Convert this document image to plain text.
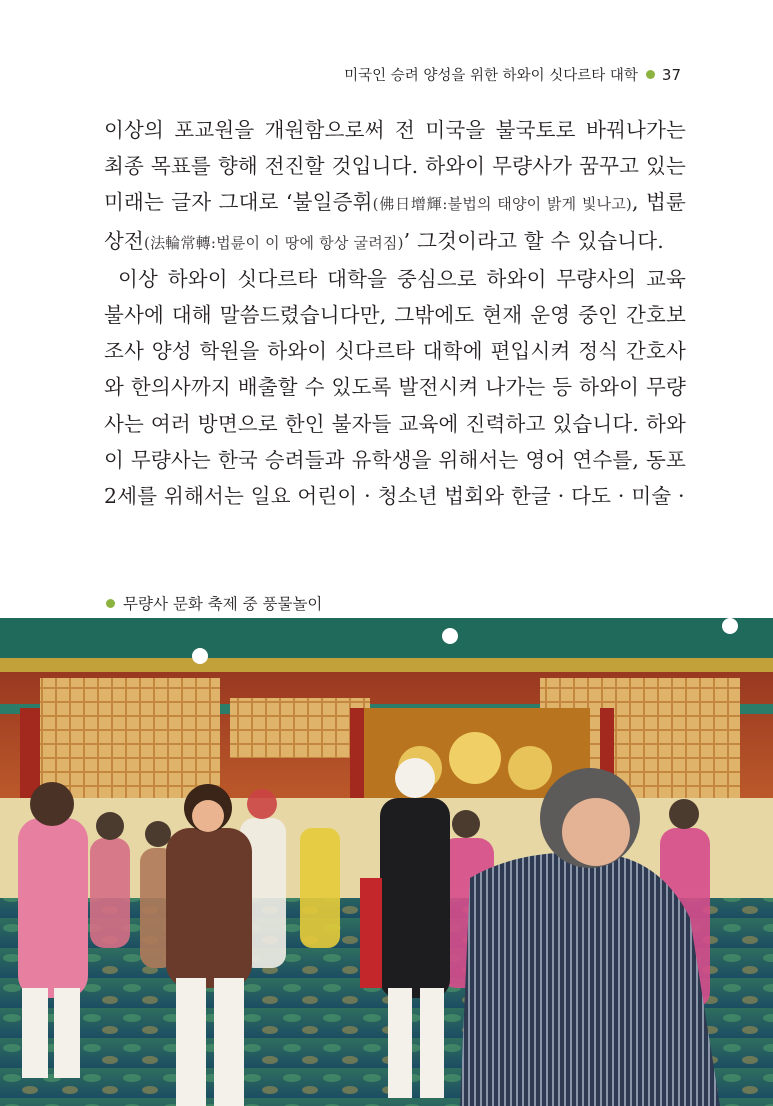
미국인 승려 양성을 위한 하와이 싯다르타 대학 37

이상의 포교원을 개원함으로써 전 미국을 불국토로 바꿔나가는 최종 목표를 향해 전진할 것입니다. 하와이 무량사가 꿈꾸고 있는 미래는 글자 그대로 ‘불일증휘(佛日增輝:불법의 태양이 밝게 빛나고), 법륜상전(法輪常轉:법륜이 이 땅에 항상 굴려짐)’ 그것이라고 할 수 있습니다.

이상 하와이 싯다르타 대학을 중심으로 하와이 무량사의 교육 불사에 대해 말씀드렸습니다만, 그밖에도 현재 운영 중인 간호보조사 양성 학원을 하와이 싯다르타 대학에 편입시켜 정식 간호사와 한의사까지 배출할 수 있도록 발전시켜 나가는 등 하와이 무량사는 여러 방면으로 한인 불자들 교육에 진력하고 있습니다. 하와이 무량사는 한국 승려들과 유학생을 위해서는 영어 연수를, 동포 2세를 위해서는 일요 어린이 · 청소년 법회와 한글 · 다도 · 미술 ·

무량사 문화 축제 중 풍물놀이
